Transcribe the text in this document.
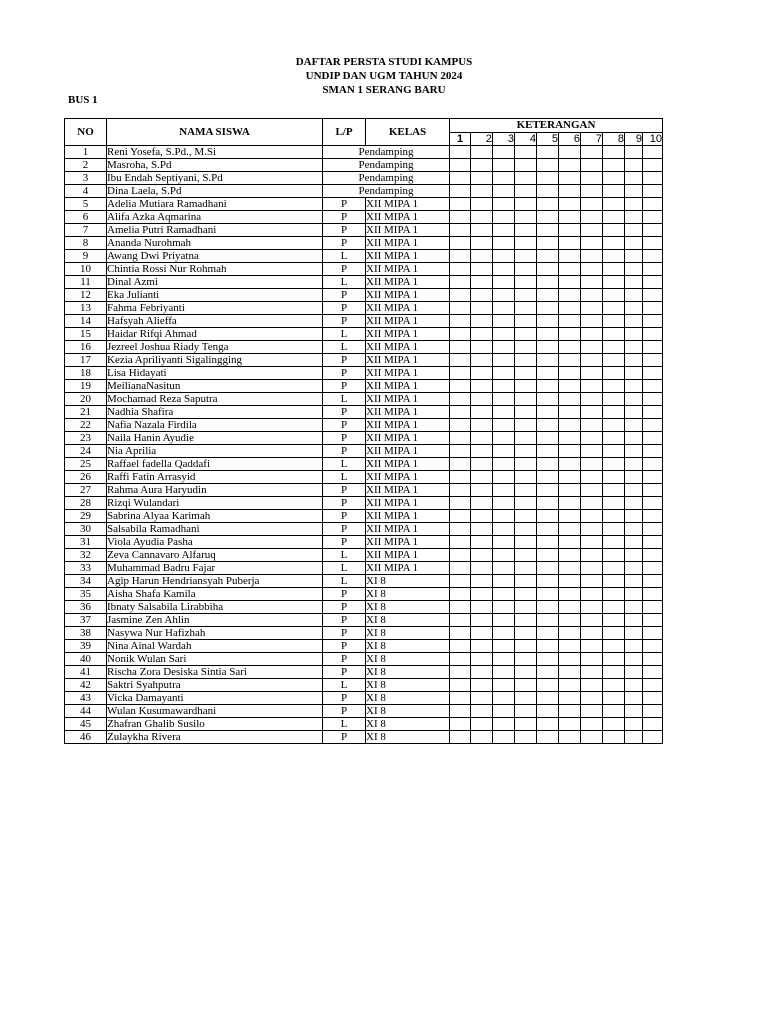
DAFTAR PERSTA STUDI KAMPUS
UNDIP DAN UGM TAHUN 2024
SMAN 1 SERANG BARU
BUS 1
NO	NAMA SISWA	L/P	KELAS	KETERANGAN									
				1	2	3	4	5	6	7	8	9	10
1	Reni Yosefa, S.Pd., M.Si	Pendamping											
2	Masroha, S.Pd	Pendamping											
3	Ibu Endah Septiyani, S.Pd	Pendamping											
4	Dina Laela, S.Pd	Pendamping											
5	Adelia Mutiara Ramadhani	P	XII MIPA 1										
6	Alifa Azka Aqmarina	P	XII MIPA 1										
7	Amelia Putri Ramadhani	P	XII MIPA 1										
8	Ananda Nurohmah	P	XII MIPA 1										
9	Awang Dwi Priyatna	L	XII MIPA 1										
10	Chintia Rossi Nur Rohmah	P	XII MIPA 1										
11	Dinal Azmi	L	XII MIPA 1										
12	Eka Julianti	P	XII MIPA 1										
13	Fahma Febriyanti	P	XII MIPA 1										
14	Hafsyah Alieffa	P	XII MIPA 1										
15	Haidar Rifqi Ahmad	L	XII MIPA 1										
16	Jezreel Joshua Riady Tenga	L	XII MIPA 1										
17	Kezia Apriliyanti Sigalingging	P	XII MIPA 1										
18	Lisa Hidayati	P	XII MIPA 1										
19	MeilianaNasitun	P	XII MIPA 1										
20	Mochamad Reza Saputra	L	XII MIPA 1										
21	Nadhia Shafira	P	XII MIPA 1										
22	Nafia Nazala Firdila	P	XII MIPA 1										
23	Naila Hanin Ayudie	P	XII MIPA 1										
24	Nia Aprilia	P	XII MIPA 1										
25	Raffael fadella Qaddafi	L	XII MIPA 1										
26	Raffi Fatin Arrasyid	L	XII MIPA 1										
27	Rahma Aura Haryudin	P	XII MIPA 1										
28	Rizqi Wulandari	P	XII MIPA 1										
29	Sabrina Alyaa Karimah	P	XII MIPA 1										
30	Salsabila Ramadhani	P	XII MIPA 1										
31	Viola Ayudia Pasha	P	XII MIPA 1										
32	Zeva Cannavaro Alfaruq	L	XII MIPA 1										
33	Muhammad Badru Fajar	L	XII MIPA 1										
34	Agip Harun Hendriansyah Puberja	L	XI 8										
35	Aisha Shafa Kamila	P	XI 8										
36	Ibnaty Salsabila Lirabbiha	P	XI 8										
37	Jasmine Zen Ahlin	P	XI 8										
38	Nasywa Nur Hafizhah	P	XI 8										
39	Nina Ainal Wardah	P	XI 8										
40	Nonik Wulan Sari	P	XI 8										
41	Rischa Zora Desiska Sintia Sari	P	XI 8										
42	Saktri Syahputra	L	XI 8										
43	Vicka Damayanti	P	XI 8										
44	Wulan Kusumawardhani	P	XI 8										
45	Zhafran Ghalib Susilo	L	XI 8										
46	Zulaykha Rivera	P	XI 8										
